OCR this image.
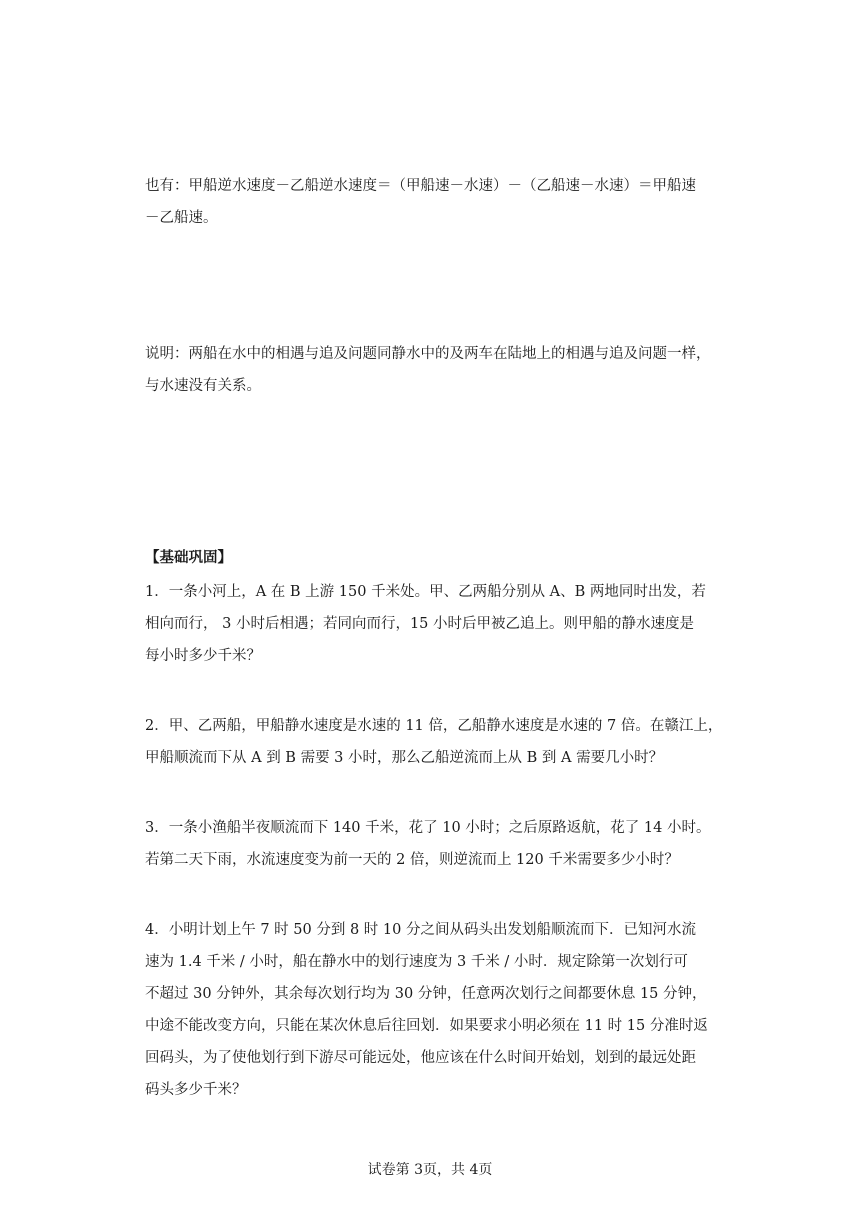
也有：甲船逆水速度－乙船逆水速度＝（甲船速－水速）－（乙船速－水速）＝甲船速
－乙船速。
说明：两船在水中的相遇与追及问题同静水中的及两车在陆地上的相遇与追及问题一样，
与水速没有关系。
【基础巩固】
1．一条小河上，A 在 B 上游 150 千米处。甲、乙两船分别从 A、B 两地同时出发，若
相向而行， 3 小时后相遇；若同向而行，15 小时后甲被乙追上。则甲船的静水速度是
每小时多少千米？
2．甲、乙两船，甲船静水速度是水速的 11 倍，乙船静水速度是水速的 7 倍。在赣江上，
甲船顺流而下从 A 到 B 需要 3 小时，那么乙船逆流而上从 B 到 A 需要几小时？
3．一条小渔船半夜顺流而下 140 千米，花了 10 小时；之后原路返航，花了 14 小时。
若第二天下雨，水流速度变为前一天的 2 倍，则逆流而上 120 千米需要多少小时？
4．小明计划上午 7 时 50 分到 8 时 10 分之间从码头出发划船顺流而下．已知河水流
速为 1.4 千米 / 小时，船在静水中的划行速度为 3 千米 / 小时．规定除第一次划行可
不超过 30 分钟外，其余每次划行均为 30 分钟，任意两次划行之间都要休息 15 分钟，
中途不能改变方向，只能在某次休息后往回划．如果要求小明必须在 11 时 15 分准时返
回码头，为了使他划行到下游尽可能远处，他应该在什么时间开始划，划到的最远处距
码头多少千米？
试卷第 3页，共 4页
